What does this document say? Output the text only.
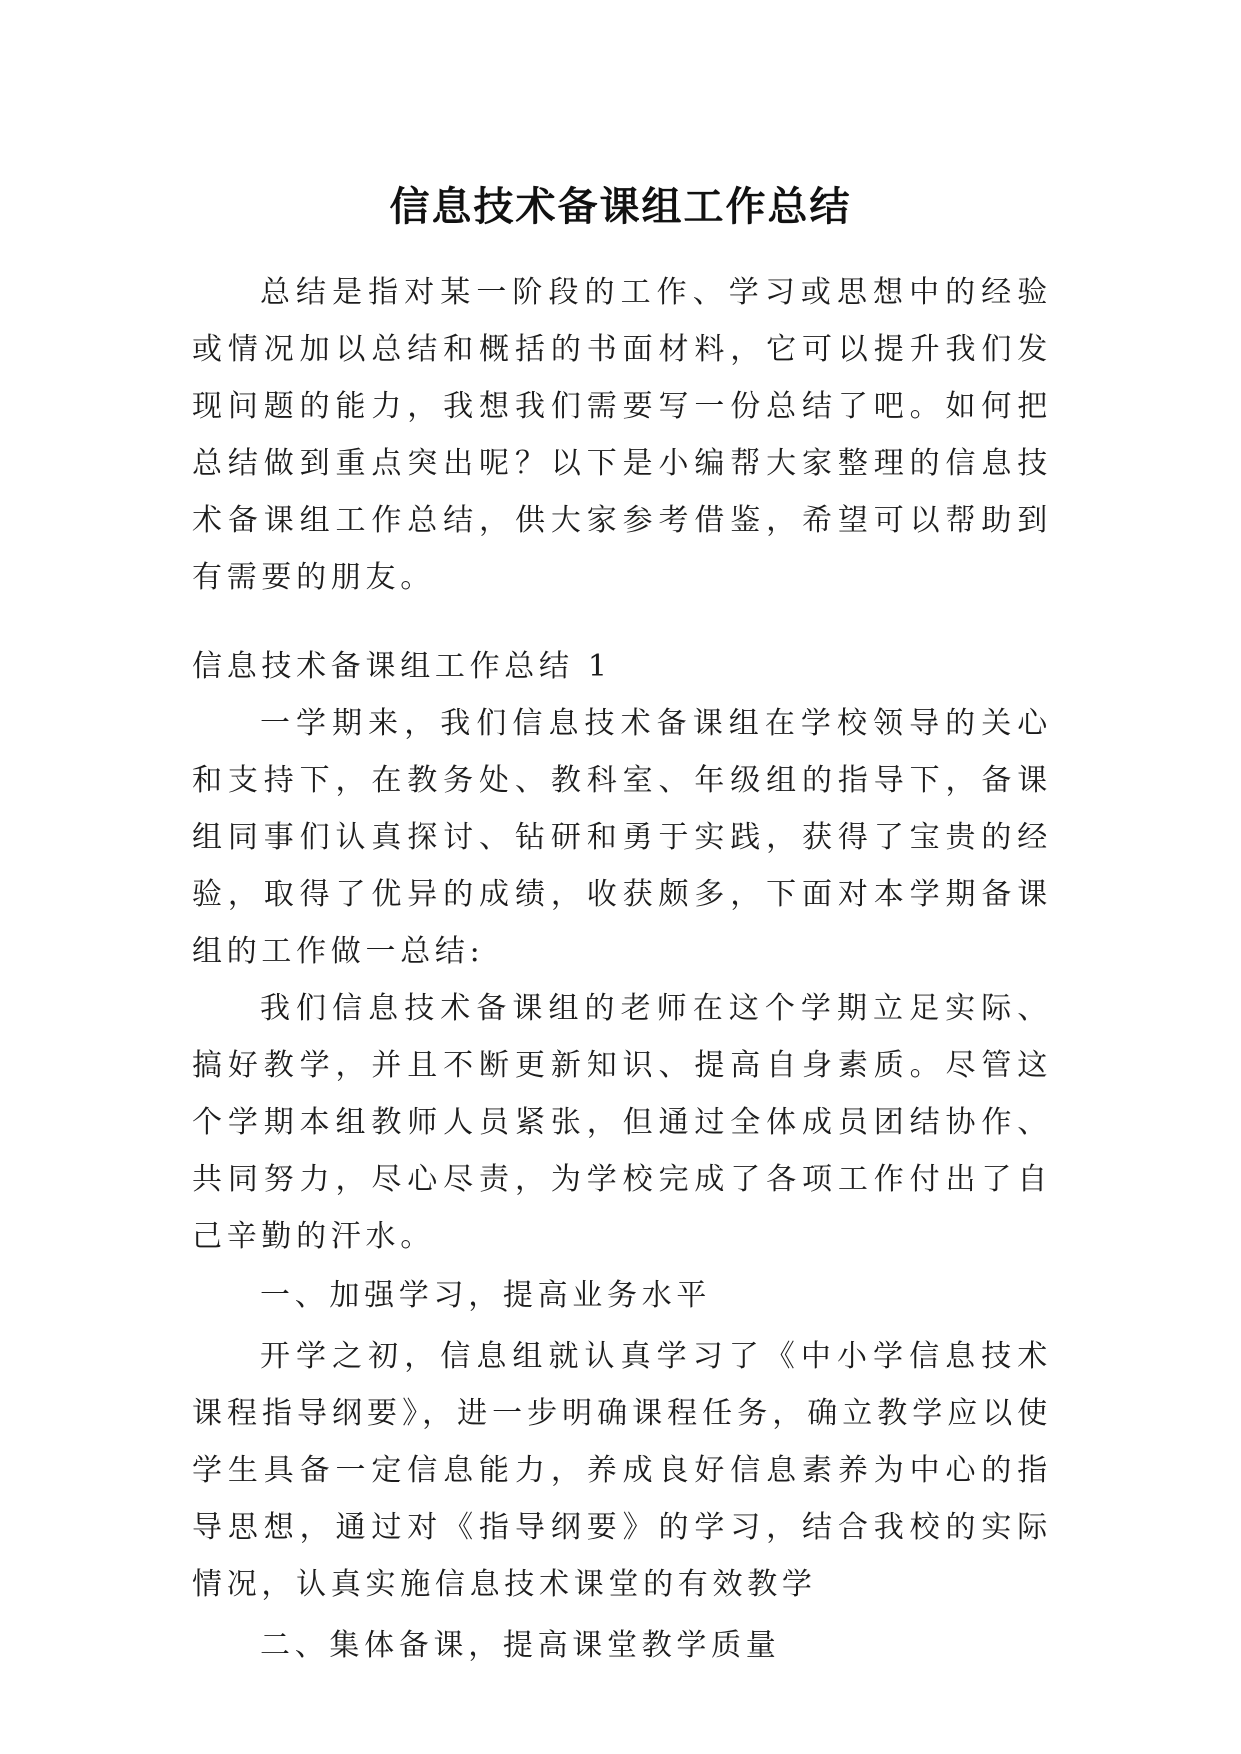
信息技术备课组工作总结

总结是指对某一阶段的工作、学习或思想中的经验或情况加以总结和概括的书面材料，它可以提升我们发现问题的能力，我想我们需要写一份总结了吧。如何把总结做到重点突出呢？以下是小编帮大家整理的信息技术备课组工作总结，供大家参考借鉴，希望可以帮助到有需要的朋友。

信息技术备课组工作总结 1

一学期来，我们信息技术备课组在学校领导的关心和支持下，在教务处、教科室、年级组的指导下，备课组同事们认真探讨、钻研和勇于实践，获得了宝贵的经验，取得了优异的成绩，收获颇多，下面对本学期备课组的工作做一总结:

我们信息技术备课组的老师在这个学期立足实际、搞好教学，并且不断更新知识、提高自身素质。尽管这个学期本组教师人员紧张，但通过全体成员团结协作、共同努力，尽心尽责，为学校完成了各项工作付出了自己辛勤的汗水。

一、加强学习，提高业务水平

开学之初，信息组就认真学习了《中小学信息技术课程指导纲要》，进一步明确课程任务，确立教学应以使学生具备一定信息能力，养成良好信息素养为中心的指导思想，通过对《指导纲要》的学习，结合我校的实际情况，认真实施信息技术课堂的有效教学

二、集体备课，提高课堂教学质量
